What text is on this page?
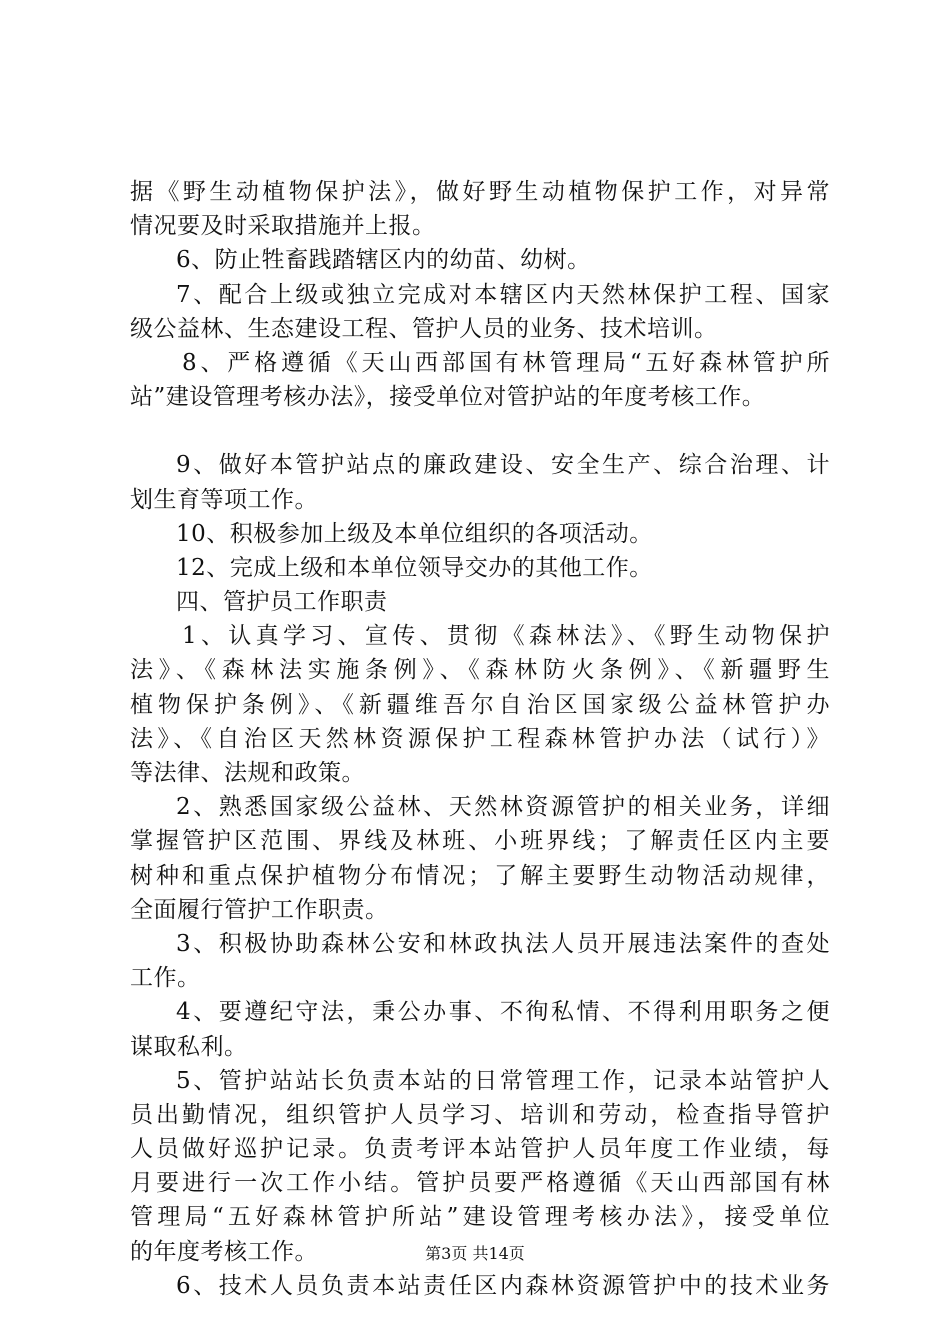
据《野生动植物保护法》，做好野生动植物保护工作，对异常
情况要及时采取措施并上报。
6、防止牲畜践踏辖区内的幼苗、幼树。
7、配合上级或独立完成对本辖区内天然林保护工程、国家
级公益林、生态建设工程、管护人员的业务、技术培训。
8、严格遵循《天山西部国有林管理局“五好森林管护所
站”建设管理考核办法》，接受单位对管护站的年度考核工作。
9、做好本管护站点的廉政建设、安全生产、综合治理、计
划生育等项工作。
10、积极参加上级及本单位组织的各项活动。
12、完成上级和本单位领导交办的其他工作。
四、管护员工作职责
1、认真学习、宣传、贯彻《森林法》、《野生动物保护
法》、《森林法实施条例》、《森林防火条例》、《新疆野生
植物保护条例》、《新疆维吾尔自治区国家级公益林管护办
法》、《自治区天然林资源保护工程森林管护办法（试行）》
等法律、法规和政策。
2、熟悉国家级公益林、天然林资源管护的相关业务，详细
掌握管护区范围、界线及林班、小班界线；了解责任区内主要
树种和重点保护植物分布情况；了解主要野生动物活动规律，
全面履行管护工作职责。
3、积极协助森林公安和林政执法人员开展违法案件的查处
工作。
4、要遵纪守法，秉公办事、不徇私情、不得利用职务之便
谋取私利。
5、管护站站长负责本站的日常管理工作，记录本站管护人
员出勤情况，组织管护人员学习、培训和劳动，检查指导管护
人员做好巡护记录。负责考评本站管护人员年度工作业绩，每
月要进行一次工作小结。管护员要严格遵循《天山西部国有林
管理局“五好森林管护所站”建设管理考核办法》，接受单位
的年度考核工作。
6、技术人员负责本站责任区内森林资源管护中的技术业务
第3页 共14页
